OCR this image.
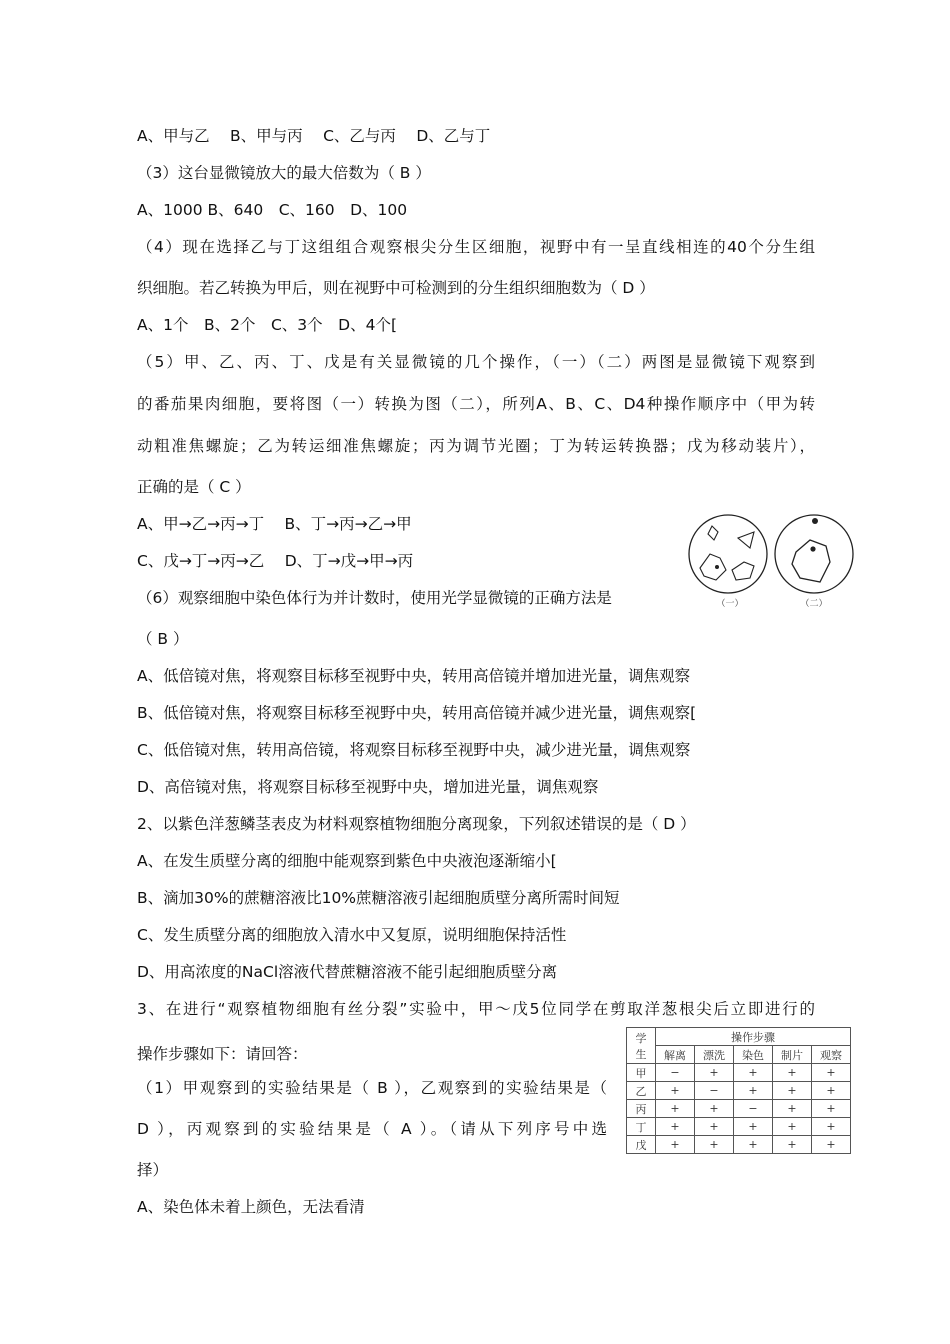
A、甲与乙　 B、甲与丙　 C、乙与丙　 D、乙与丁
（3）这台显微镜放大的最大倍数为（ B ）
A、1000 B、640　C、160　D、100
（4）现在选择乙与丁这组组合观察根尖分生区细胞，视野中有一呈直线相连的40个分生组
织细胞。若乙转换为甲后，则在视野中可检测到的分生组织细胞数为（ D ）
A、1个　B、2个　C、3个　D、4个[
（5）甲、乙、丙、丁、戊是有关显微镜的几个操作，（一）（二）两图是显微镜下观察到
的番茄果肉细胞，要将图（一）转换为图（二），所列A、B、C、D4种操作顺序中（甲为转
动粗准焦螺旋；乙为转运细准焦螺旋；丙为调节光圈；丁为转运转换器；戊为移动装片），
正确的是（ C ）
A、甲→乙→丙→丁　 B、丁→丙→乙→甲
C、戊→丁→丙→乙　 D、丁→戊→甲→丙
（6）观察细胞中染色体行为并计数时，使用光学显微镜的正确方法是
（ B ）
A、低倍镜对焦，将观察目标移至视野中央，转用高倍镜并增加进光量，调焦观察
B、低倍镜对焦，将观察目标移至视野中央，转用高倍镜并减少进光量，调焦观察[
C、低倍镜对焦，转用高倍镜，将观察目标移至视野中央，减少进光量，调焦观察
D、高倍镜对焦，将观察目标移至视野中央，增加进光量，调焦观察
2、以紫色洋葱鳞茎表皮为材料观察植物细胞分离现象，下列叙述错误的是（ D ）
A、在发生质壁分离的细胞中能观察到紫色中央液泡逐渐缩小[
B、滴加30%的蔗糖溶液比10%蔗糖溶液引起细胞质壁分离所需时间短
C、发生质壁分离的细胞放入清水中又复原，说明细胞保持活性
D、用高浓度的NaCl溶液代替蔗糖溶液不能引起细胞质壁分离
3、在进行“观察植物细胞有丝分裂”实验中，甲～戊5位同学在剪取洋葱根尖后立即进行的
操作步骤如下：请回答：
（1）甲观察到的实验结果是（ B ），乙观察到的实验结果是（
D ），丙观察到的实验结果是（ A ）。（请从下列序号中选
择）
A、染色体未着上颜色，无法看清
（一）	（二）
学
生	操作步骤				
	解离	漂洗	染色	制片	观察
甲	−	+	+	+	+
乙	+	−	+	+	+
丙	+	+	−	+	+
丁	+	+	+	+	+
戊	+	+	+	+	+
